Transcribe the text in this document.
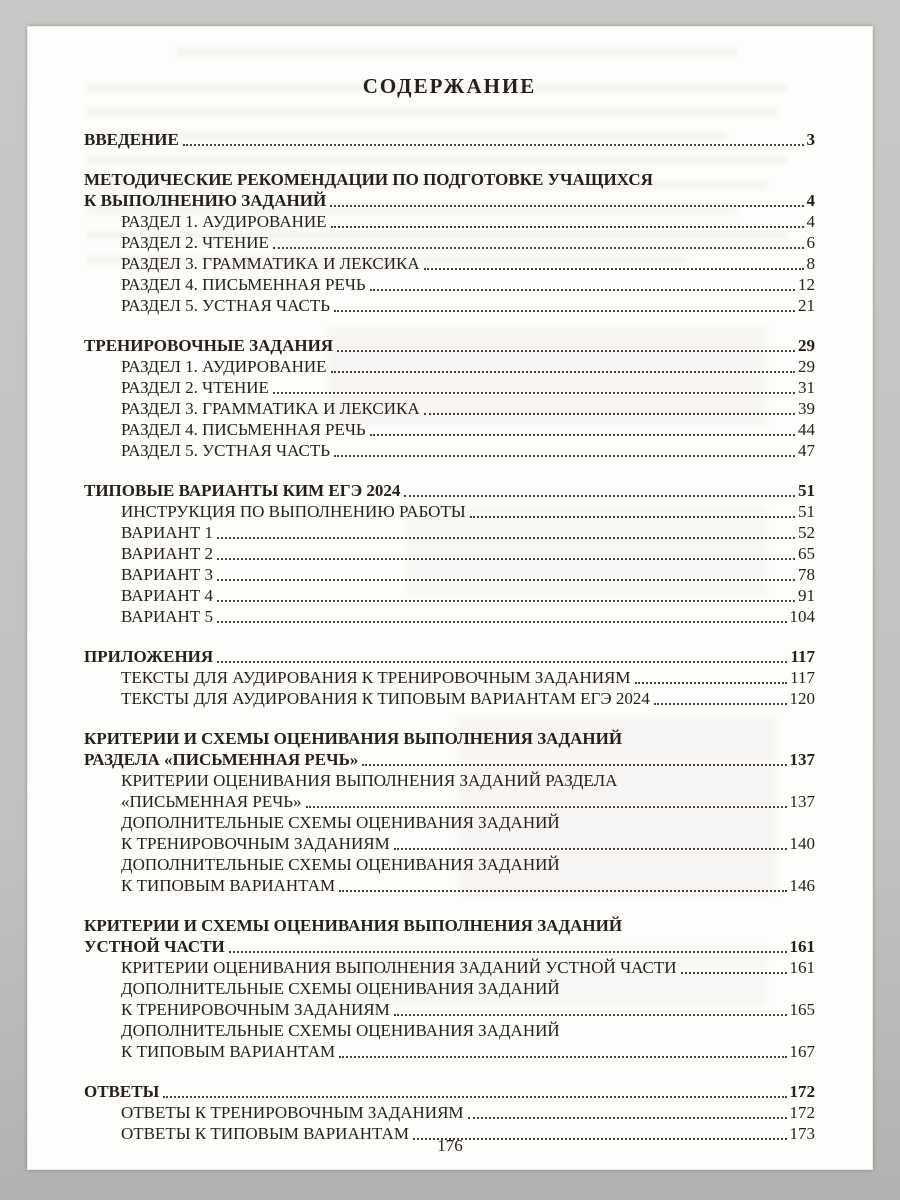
СОДЕРЖАНИЕ
ВВЕДЕНИЕ	3
МЕТОДИЧЕСКИЕ РЕКОМЕНДАЦИИ ПО ПОДГОТОВКЕ УЧАЩИХСЯ
К ВЫПОЛНЕНИЮ ЗАДАНИЙ	4
РАЗДЕЛ 1. АУДИРОВАНИЕ	4
РАЗДЕЛ 2. ЧТЕНИЕ	6
РАЗДЕЛ 3. ГРАММАТИКА И ЛЕКСИКА	8
РАЗДЕЛ 4. ПИСЬМЕННАЯ РЕЧЬ	12
РАЗДЕЛ 5. УСТНАЯ ЧАСТЬ	21
ТРЕНИРОВОЧНЫЕ ЗАДАНИЯ	29
РАЗДЕЛ 1. АУДИРОВАНИЕ	29
РАЗДЕЛ 2. ЧТЕНИЕ	31
РАЗДЕЛ 3. ГРАММАТИКА И ЛЕКСИКА	39
РАЗДЕЛ 4. ПИСЬМЕННАЯ РЕЧЬ	44
РАЗДЕЛ 5. УСТНАЯ ЧАСТЬ	47
ТИПОВЫЕ ВАРИАНТЫ КИМ ЕГЭ 2024	51
ИНСТРУКЦИЯ ПО ВЫПОЛНЕНИЮ РАБОТЫ	51
ВАРИАНТ 1	52
ВАРИАНТ 2	65
ВАРИАНТ 3	78
ВАРИАНТ 4	91
ВАРИАНТ 5	104
ПРИЛОЖЕНИЯ	117
ТЕКСТЫ ДЛЯ АУДИРОВАНИЯ К ТРЕНИРОВОЧНЫМ ЗАДАНИЯМ	117
ТЕКСТЫ ДЛЯ АУДИРОВАНИЯ К ТИПОВЫМ ВАРИАНТАМ ЕГЭ 2024	120
КРИТЕРИИ И СХЕМЫ ОЦЕНИВАНИЯ ВЫПОЛНЕНИЯ ЗАДАНИЙ
РАЗДЕЛА «ПИСЬМЕННАЯ РЕЧЬ»	137
КРИТЕРИИ ОЦЕНИВАНИЯ ВЫПОЛНЕНИЯ ЗАДАНИЙ РАЗДЕЛА
«ПИСЬМЕННАЯ РЕЧЬ»	137
ДОПОЛНИТЕЛЬНЫЕ СХЕМЫ ОЦЕНИВАНИЯ ЗАДАНИЙ
К ТРЕНИРОВОЧНЫМ ЗАДАНИЯМ	140
ДОПОЛНИТЕЛЬНЫЕ СХЕМЫ ОЦЕНИВАНИЯ ЗАДАНИЙ
К ТИПОВЫМ ВАРИАНТАМ	146
КРИТЕРИИ И СХЕМЫ ОЦЕНИВАНИЯ ВЫПОЛНЕНИЯ ЗАДАНИЙ
УСТНОЙ ЧАСТИ	161
КРИТЕРИИ ОЦЕНИВАНИЯ ВЫПОЛНЕНИЯ ЗАДАНИЙ УСТНОЙ ЧАСТИ	161
ДОПОЛНИТЕЛЬНЫЕ СХЕМЫ ОЦЕНИВАНИЯ ЗАДАНИЙ
К ТРЕНИРОВОЧНЫМ ЗАДАНИЯМ	165
ДОПОЛНИТЕЛЬНЫЕ СХЕМЫ ОЦЕНИВАНИЯ ЗАДАНИЙ
К ТИПОВЫМ ВАРИАНТАМ	167
ОТВЕТЫ	172
ОТВЕТЫ К ТРЕНИРОВОЧНЫМ ЗАДАНИЯМ	172
ОТВЕТЫ К ТИПОВЫМ ВАРИАНТАМ	173
176
